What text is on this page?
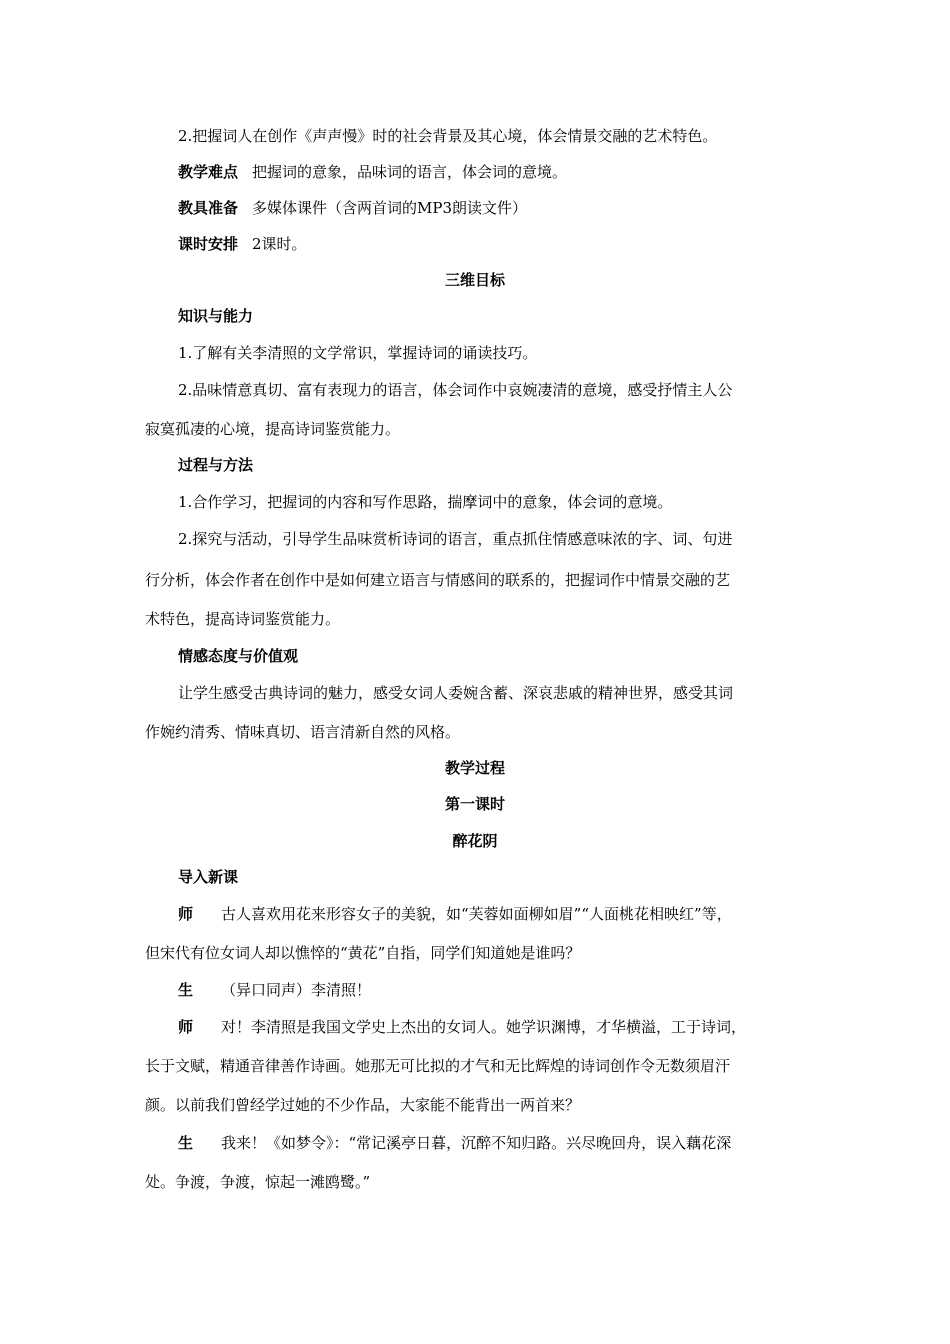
2.把握词人在创作《声声慢》时的社会背景及其心境，体会情景交融的艺术特色。
教学难点 把握词的意象，品味词的语言，体会词的意境。
教具准备 多媒体课件（含两首词的MP3朗读文件）
课时安排 2课时。
三维目标
知识与能力
1.了解有关李清照的文学常识，掌握诗词的诵读技巧。
2.品味情意真切、富有表现力的语言，体会词作中哀婉凄清的意境，感受抒情主人公
寂寞孤凄的心境，提高诗词鉴赏能力。
过程与方法
1.合作学习，把握词的内容和写作思路，揣摩词中的意象，体会词的意境。
2.探究与活动，引导学生品味赏析诗词的语言，重点抓住情感意味浓的字、词、句进
行分析，体会作者在创作中是如何建立语言与情感间的联系的，把握词作中情景交融的艺
术特色，提高诗词鉴赏能力。
情感态度与价值观
让学生感受古典诗词的魅力，感受女词人委婉含蓄、深哀悲戚的精神世界，感受其词
作婉约清秀、情味真切、语言清新自然的风格。
教学过程
第一课时
醉花阴
导入新课
师 古人喜欢用花来形容女子的美貌，如“芙蓉如面柳如眉”“人面桃花相映红”等，
但宋代有位女词人却以憔悴的“黄花”自指，同学们知道她是谁吗？
生 （异口同声）李清照！
师 对！李清照是我国文学史上杰出的女词人。她学识渊博，才华横溢，工于诗词，
长于文赋，精通音律善作诗画。她那无可比拟的才气和无比辉煌的诗词创作令无数须眉汗
颜。以前我们曾经学过她的不少作品，大家能不能背出一两首来？
生 我来！《如梦令》：“常记溪亭日暮，沉醉不知归路。兴尽晚回舟，误入藕花深
处。争渡，争渡，惊起一滩鸥鹭。”
